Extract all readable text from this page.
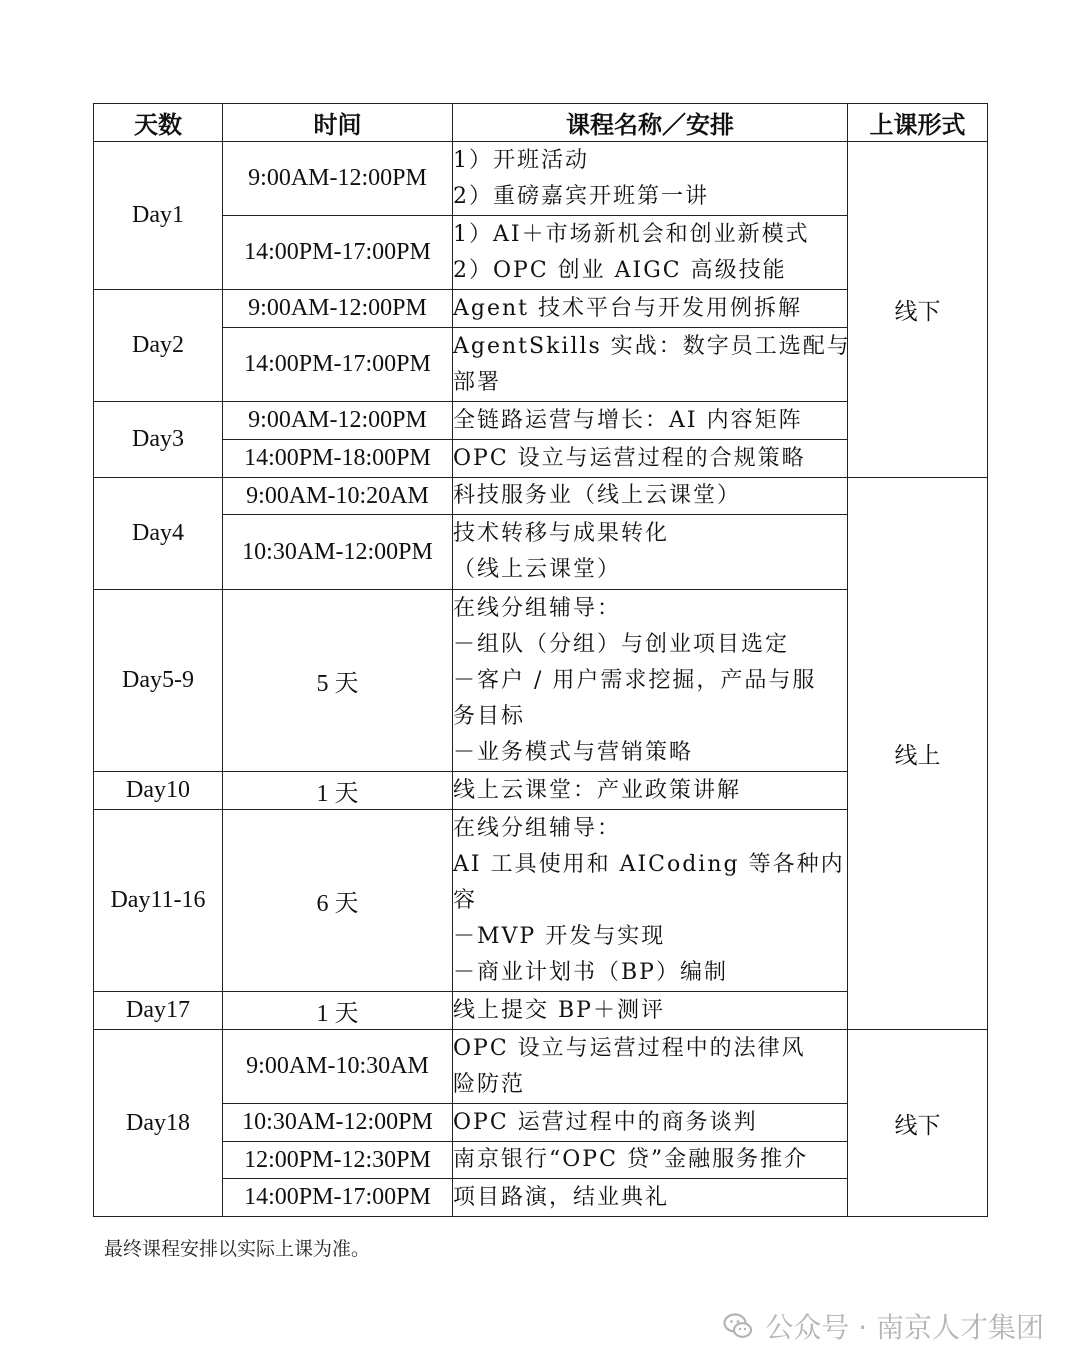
天数	时间	课程名称／安排	上课形式
Day1	9:00AM-12:00PM	1）开班活动
2）重磅嘉宾开班第一讲	线下
	14:00PM-17:00PM	1）AI＋市场新机会和创业新模式
2）OPC 创业 AIGC 高级技能	

Day2	9:00AM-12:00PM	Agent 技术平台与开发用例拆解	

	14:00PM-17:00PM	AgentSkills 实战：数字员工选配与
部署	

Day3	9:00AM-12:00PM	全链路运营与增长：AI 内容矩阵	

	14:00PM-18:00PM	OPC 设立与运营过程的合规策略	

Day4	9:00AM-10:20AM	科技服务业（线上云课堂）	线上
	10:30AM-12:00PM	技术转移与成果转化
（线上云课堂）	

Day5-9	5 天	在线分组辅导：
－组队（分组）与创业项目选定
－客户 / 用户需求挖掘，产品与服
务目标
－业务模式与营销策略	

Day10	1 天	线上云课堂：产业政策讲解	

Day11-16	6 天	在线分组辅导：
AI 工具使用和 AICoding 等各种内
容
－MVP 开发与实现
－商业计划书（BP）编制	

Day17	1 天	线上提交 BP＋测评	

Day18	9:00AM-10:30AM	OPC 设立与运营过程中的法律风
险防范	线下
	10:30AM-12:00PM	OPC 运营过程中的商务谈判	

	12:00PM-12:30PM	南京银行“OPC 贷”金融服务推介	

	14:00PM-17:00PM	项目路演，结业典礼	
最终课程安排以实际上课为准。
公众号 · 南京人才集团
